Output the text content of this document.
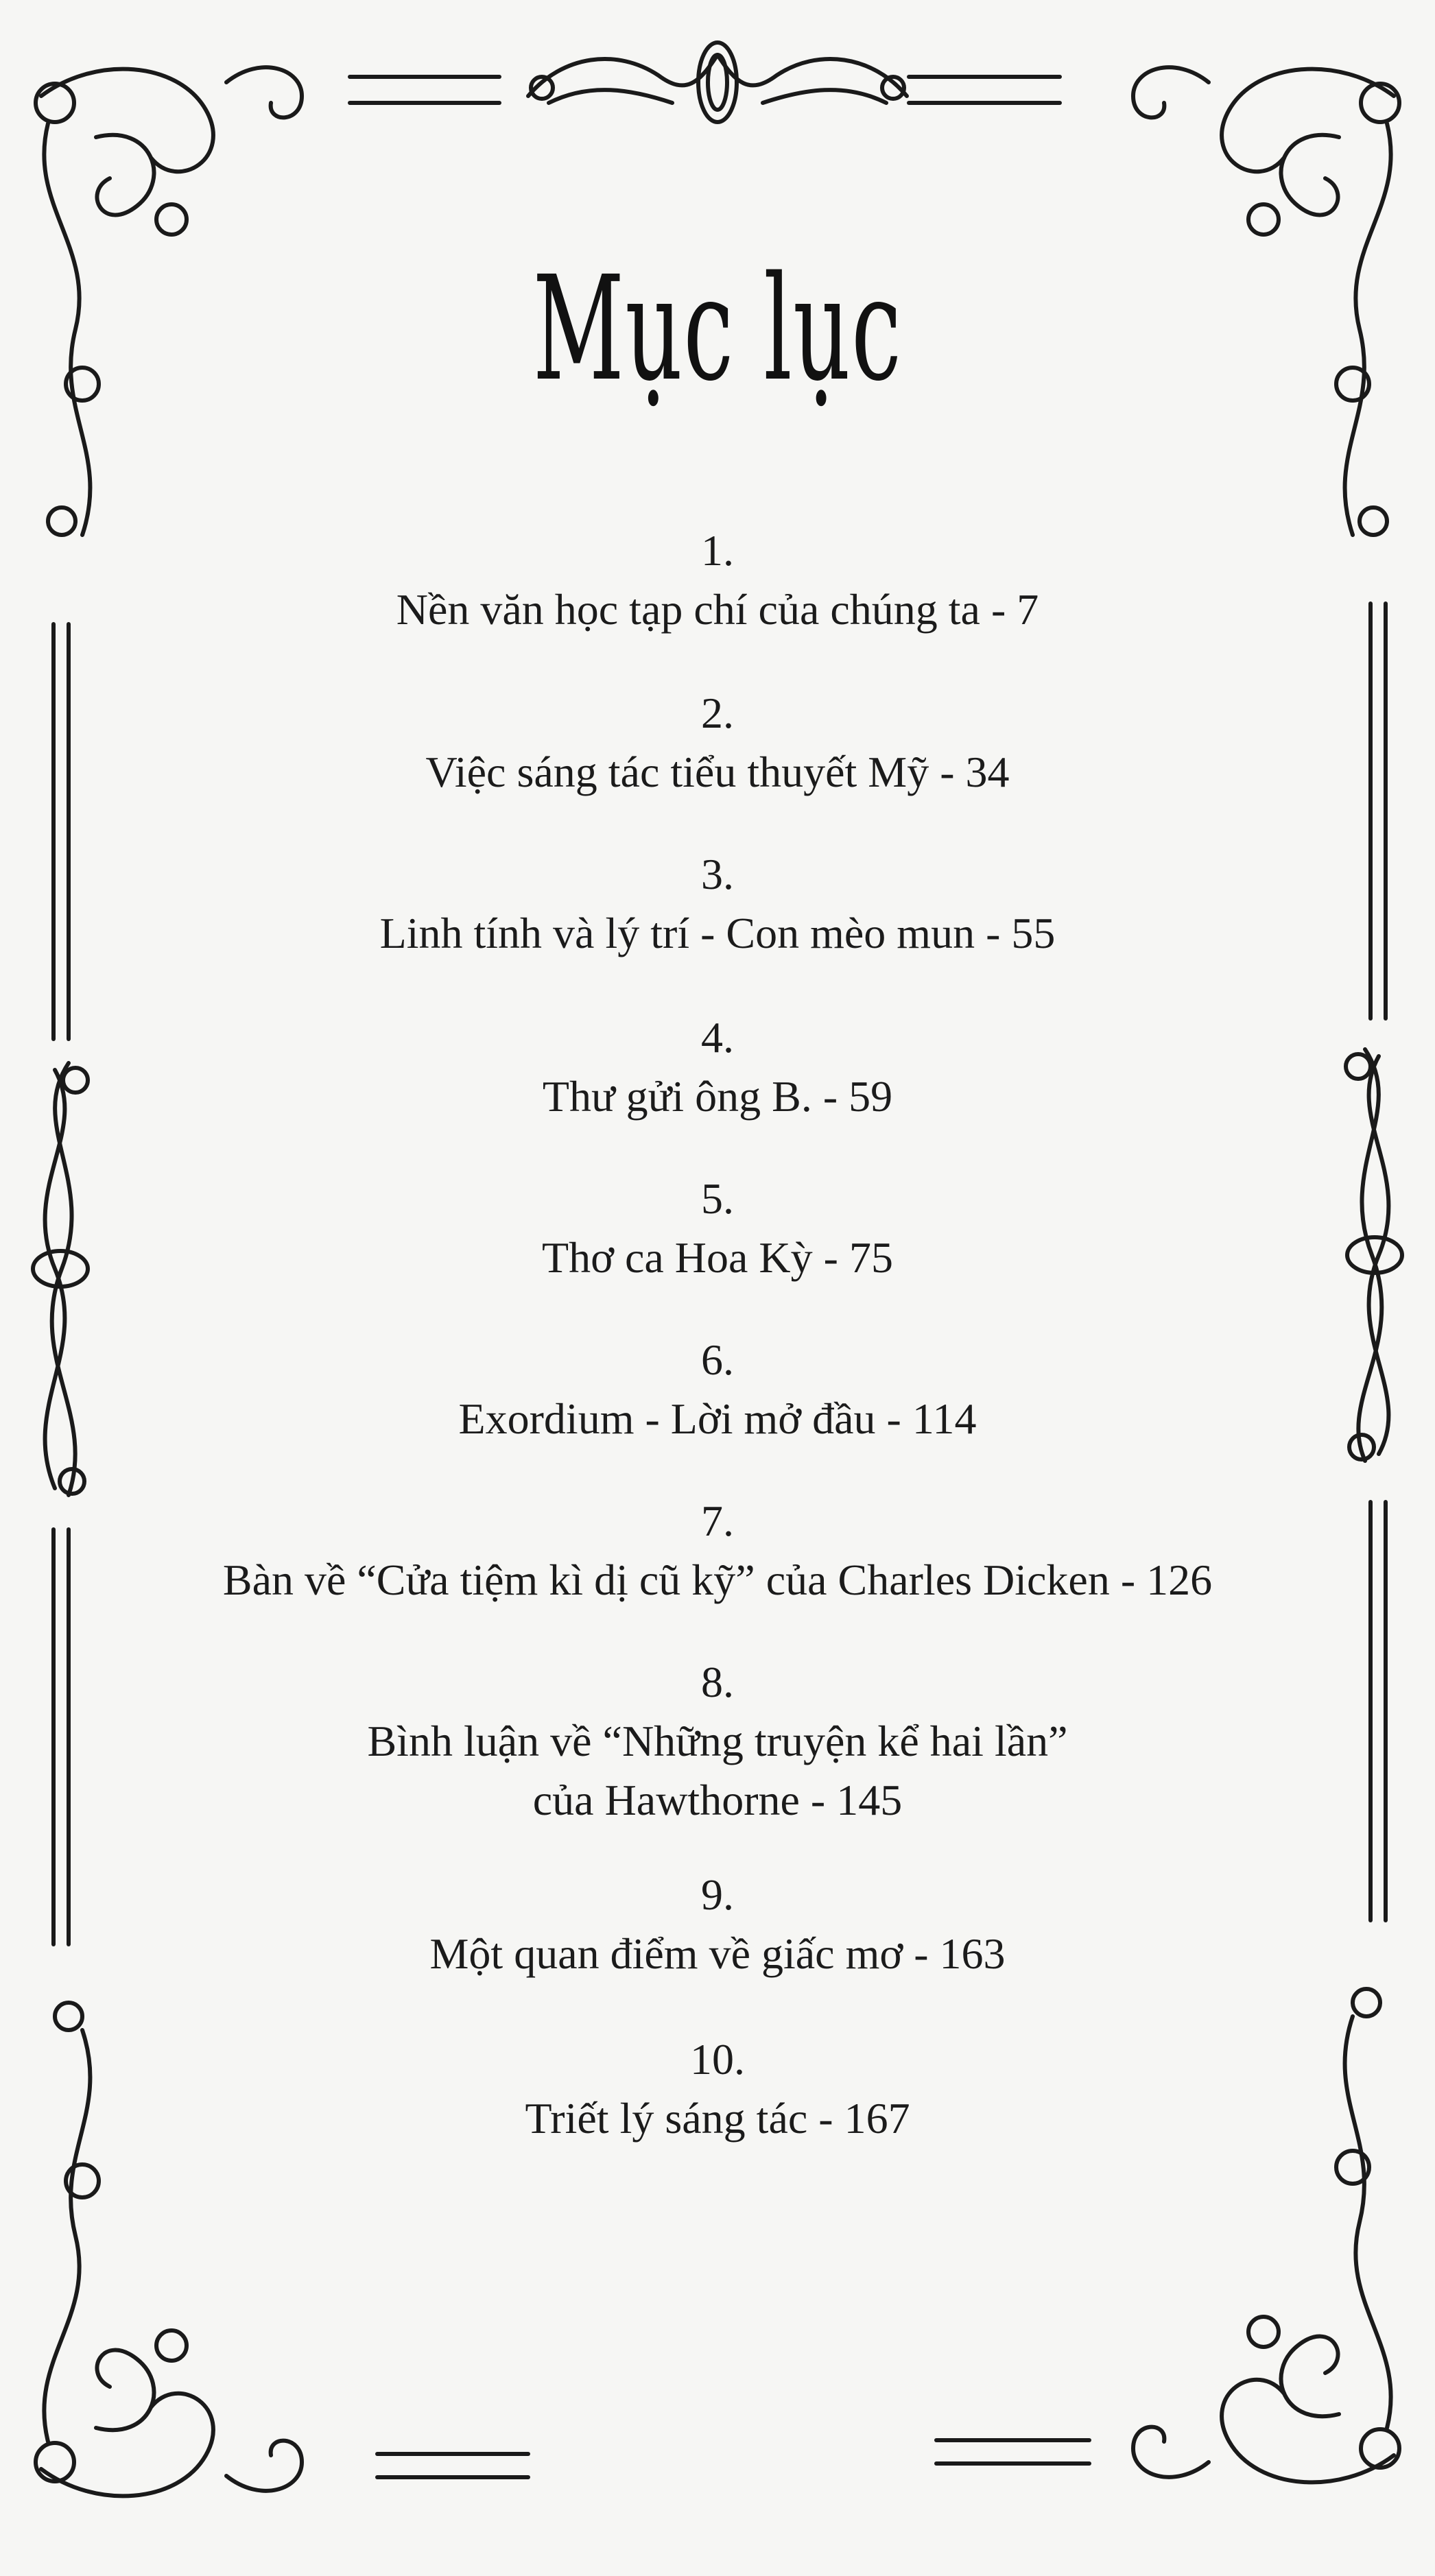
Mục lục
1.
Nền văn học tạp chí của chúng ta - 7
2.
Việc sáng tác tiểu thuyết Mỹ - 34
3.
Linh tính và lý trí - Con mèo mun - 55
4.
Thư gửi ông B. - 59
5.
Thơ ca Hoa Kỳ - 75
6.
Exordium - Lời mở đầu - 114
7.
Bàn về “Cửa tiệm kì dị cũ kỹ” của Charles Dicken - 126
8.
Bình luận về “Những truyện kể hai lần”
của Hawthorne - 145
9.
Một quan điểm về giấc mơ - 163
10.
Triết lý sáng tác - 167
